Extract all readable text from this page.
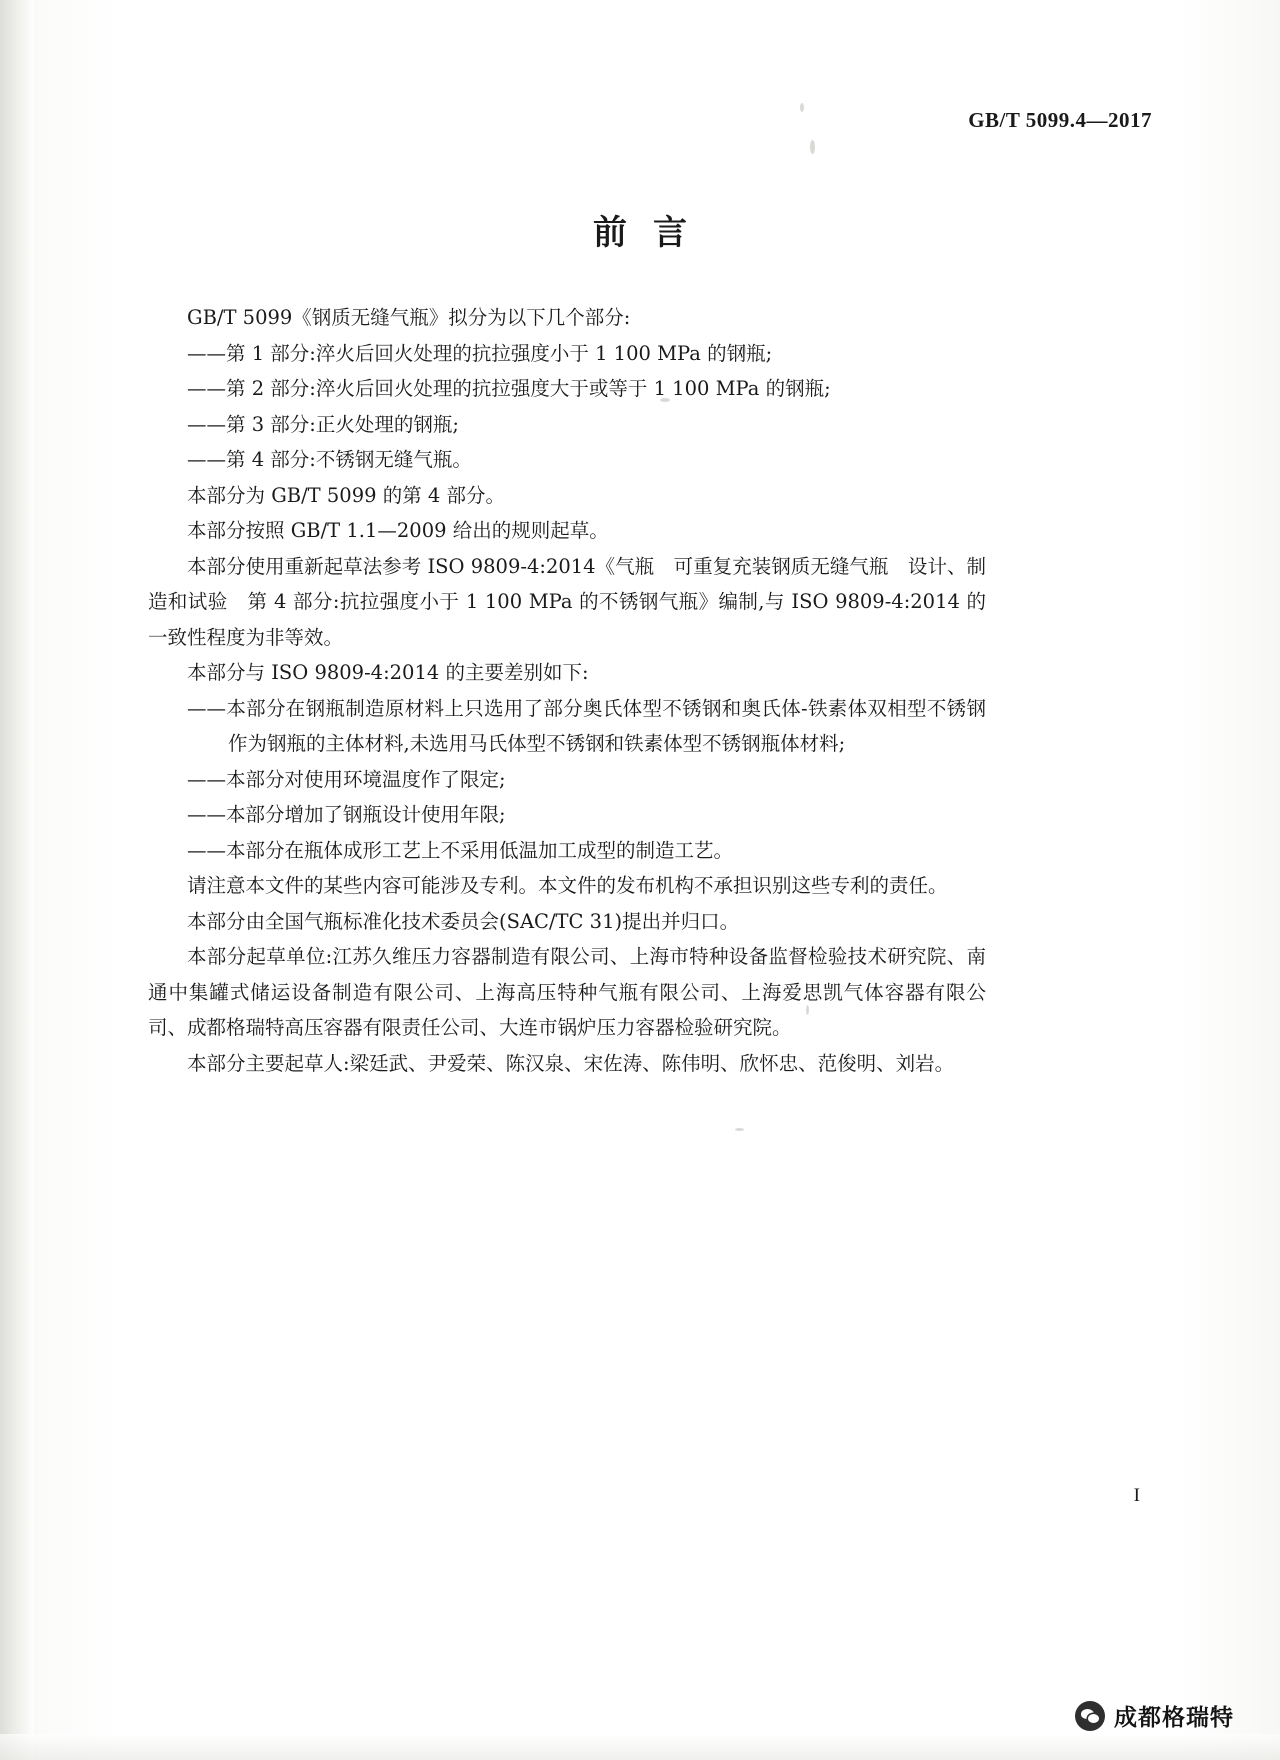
GB/T 5099.4—2017
前言

GB/T 5099《钢质无缝气瓶》拟分为以下几个部分:

——第 1 部分:淬火后回火处理的抗拉强度小于 1 100 MPa 的钢瓶;

——第 2 部分:淬火后回火处理的抗拉强度大于或等于 1 100 MPa 的钢瓶;

——第 3 部分:正火处理的钢瓶;

——第 4 部分:不锈钢无缝气瓶。

本部分为 GB/T 5099 的第 4 部分。

本部分按照 GB/T 1.1—2009 给出的规则起草。

本部分使用重新起草法参考 ISO 9809-4:2014《气瓶　可重复充装钢质无缝气瓶　设计、制造和试验　第 4 部分:抗拉强度小于 1 100 MPa 的不锈钢气瓶》编制,与 ISO 9809-4:2014 的一致性程度为非等效。

本部分与 ISO 9809-4:2014 的主要差别如下:

——本部分在钢瓶制造原材料上只选用了部分奥氏体型不锈钢和奥氏体-铁素体双相型不锈钢作为钢瓶的主体材料,未选用马氏体型不锈钢和铁素体型不锈钢瓶体材料;

——本部分对使用环境温度作了限定;

——本部分增加了钢瓶设计使用年限;

——本部分在瓶体成形工艺上不采用低温加工成型的制造工艺。

请注意本文件的某些内容可能涉及专利。本文件的发布机构不承担识别这些专利的责任。

本部分由全国气瓶标准化技术委员会(SAC/TC 31)提出并归口。

本部分起草单位:江苏久维压力容器制造有限公司、上海市特种设备监督检验技术研究院、南通中集罐式储运设备制造有限公司、上海高压特种气瓶有限公司、上海爱思凯气体容器有限公司、成都格瑞特高压容器有限责任公司、大连市锅炉压力容器检验研究院。

本部分主要起草人:梁廷武、尹爱荣、陈汉泉、宋佐涛、陈伟明、欣怀忠、范俊明、刘岩。

I
成都格瑞特
